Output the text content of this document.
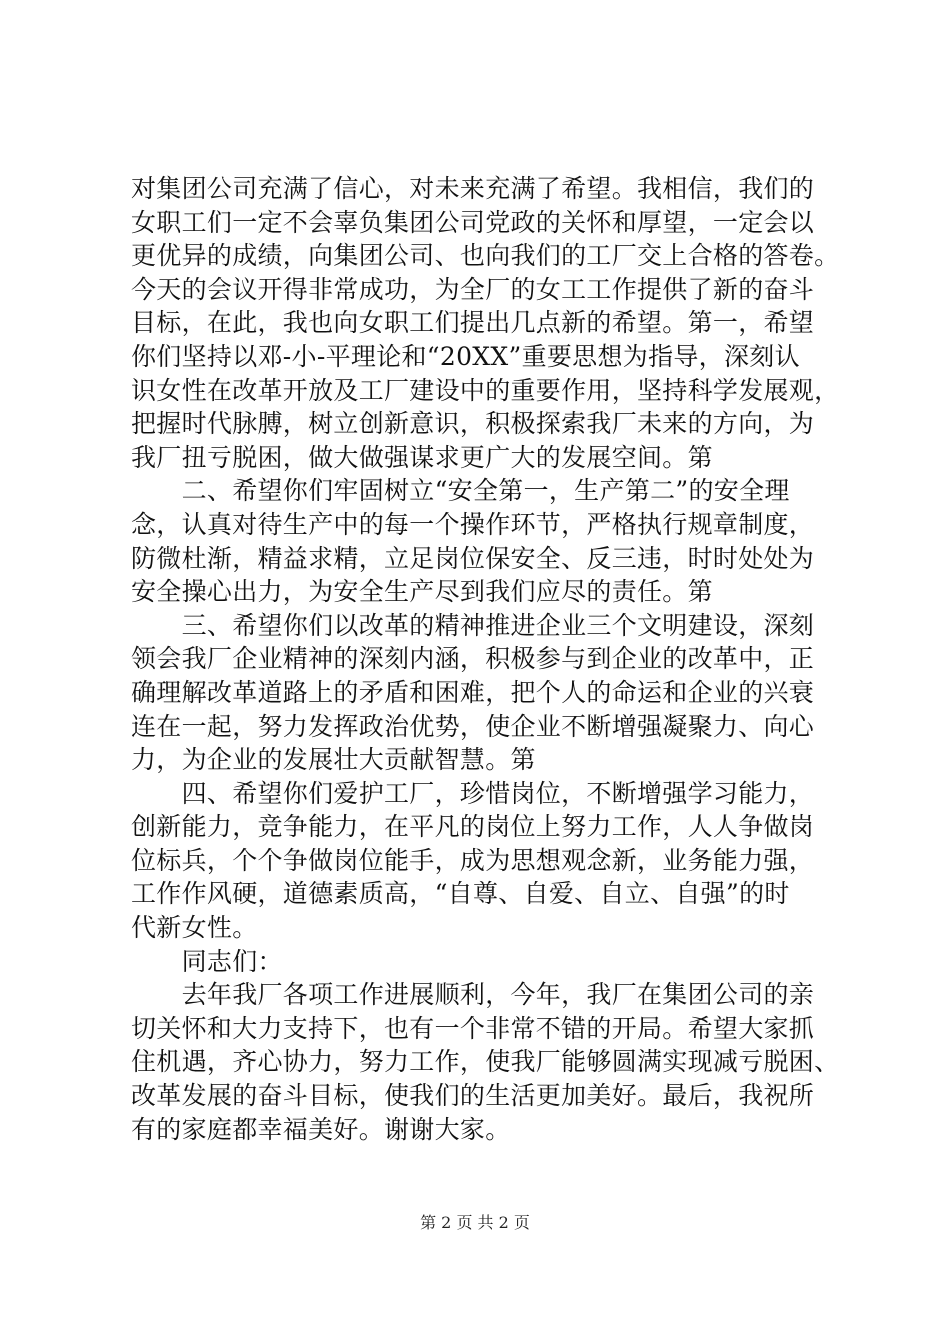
对集团公司充满了信心，对未来充满了希望。我相信，我们的
女职工们一定不会辜负集团公司党政的关怀和厚望，一定会以
更优异的成绩，向集团公司、也向我们的工厂交上合格的答卷。
今天的会议开得非常成功，为全厂的女工工作提供了新的奋斗
目标，在此，我也向女职工们提出几点新的希望。第一，希望
你们坚持以邓-小-平理论和“20XX”重要思想为指导，深刻认
识女性在改革开放及工厂建设中的重要作用，坚持科学发展观，
把握时代脉膊，树立创新意识，积极探索我厂未来的方向，为
我厂扭亏脱困，做大做强谋求更广大的发展空间。第
　　二、希望你们牢固树立“安全第一，生产第二”的安全理
念，认真对待生产中的每一个操作环节，严格执行规章制度，
防微杜渐，精益求精，立足岗位保安全、反三违，时时处处为
安全操心出力，为安全生产尽到我们应尽的责任。第
　　三、希望你们以改革的精神推进企业三个文明建设，深刻
领会我厂企业精神的深刻内涵，积极参与到企业的改革中，正
确理解改革道路上的矛盾和困难，把个人的命运和企业的兴衰
连在一起，努力发挥政治优势，使企业不断增强凝聚力、向心
力，为企业的发展壮大贡献智慧。第
　　四、希望你们爱护工厂，珍惜岗位，不断增强学习能力，
创新能力，竞争能力，在平凡的岗位上努力工作，人人争做岗
位标兵，个个争做岗位能手，成为思想观念新，业务能力强，
工作作风硬，道德素质高，“自尊、自爱、自立、自强”的时
代新女性。
　　同志们：
　　去年我厂各项工作进展顺利，今年，我厂在集团公司的亲
切关怀和大力支持下，也有一个非常不错的开局。希望大家抓
住机遇，齐心协力，努力工作，使我厂能够圆满实现减亏脱困、
改革发展的奋斗目标，使我们的生活更加美好。最后，我祝所
有的家庭都幸福美好。谢谢大家。
第 2 页 共 2 页
